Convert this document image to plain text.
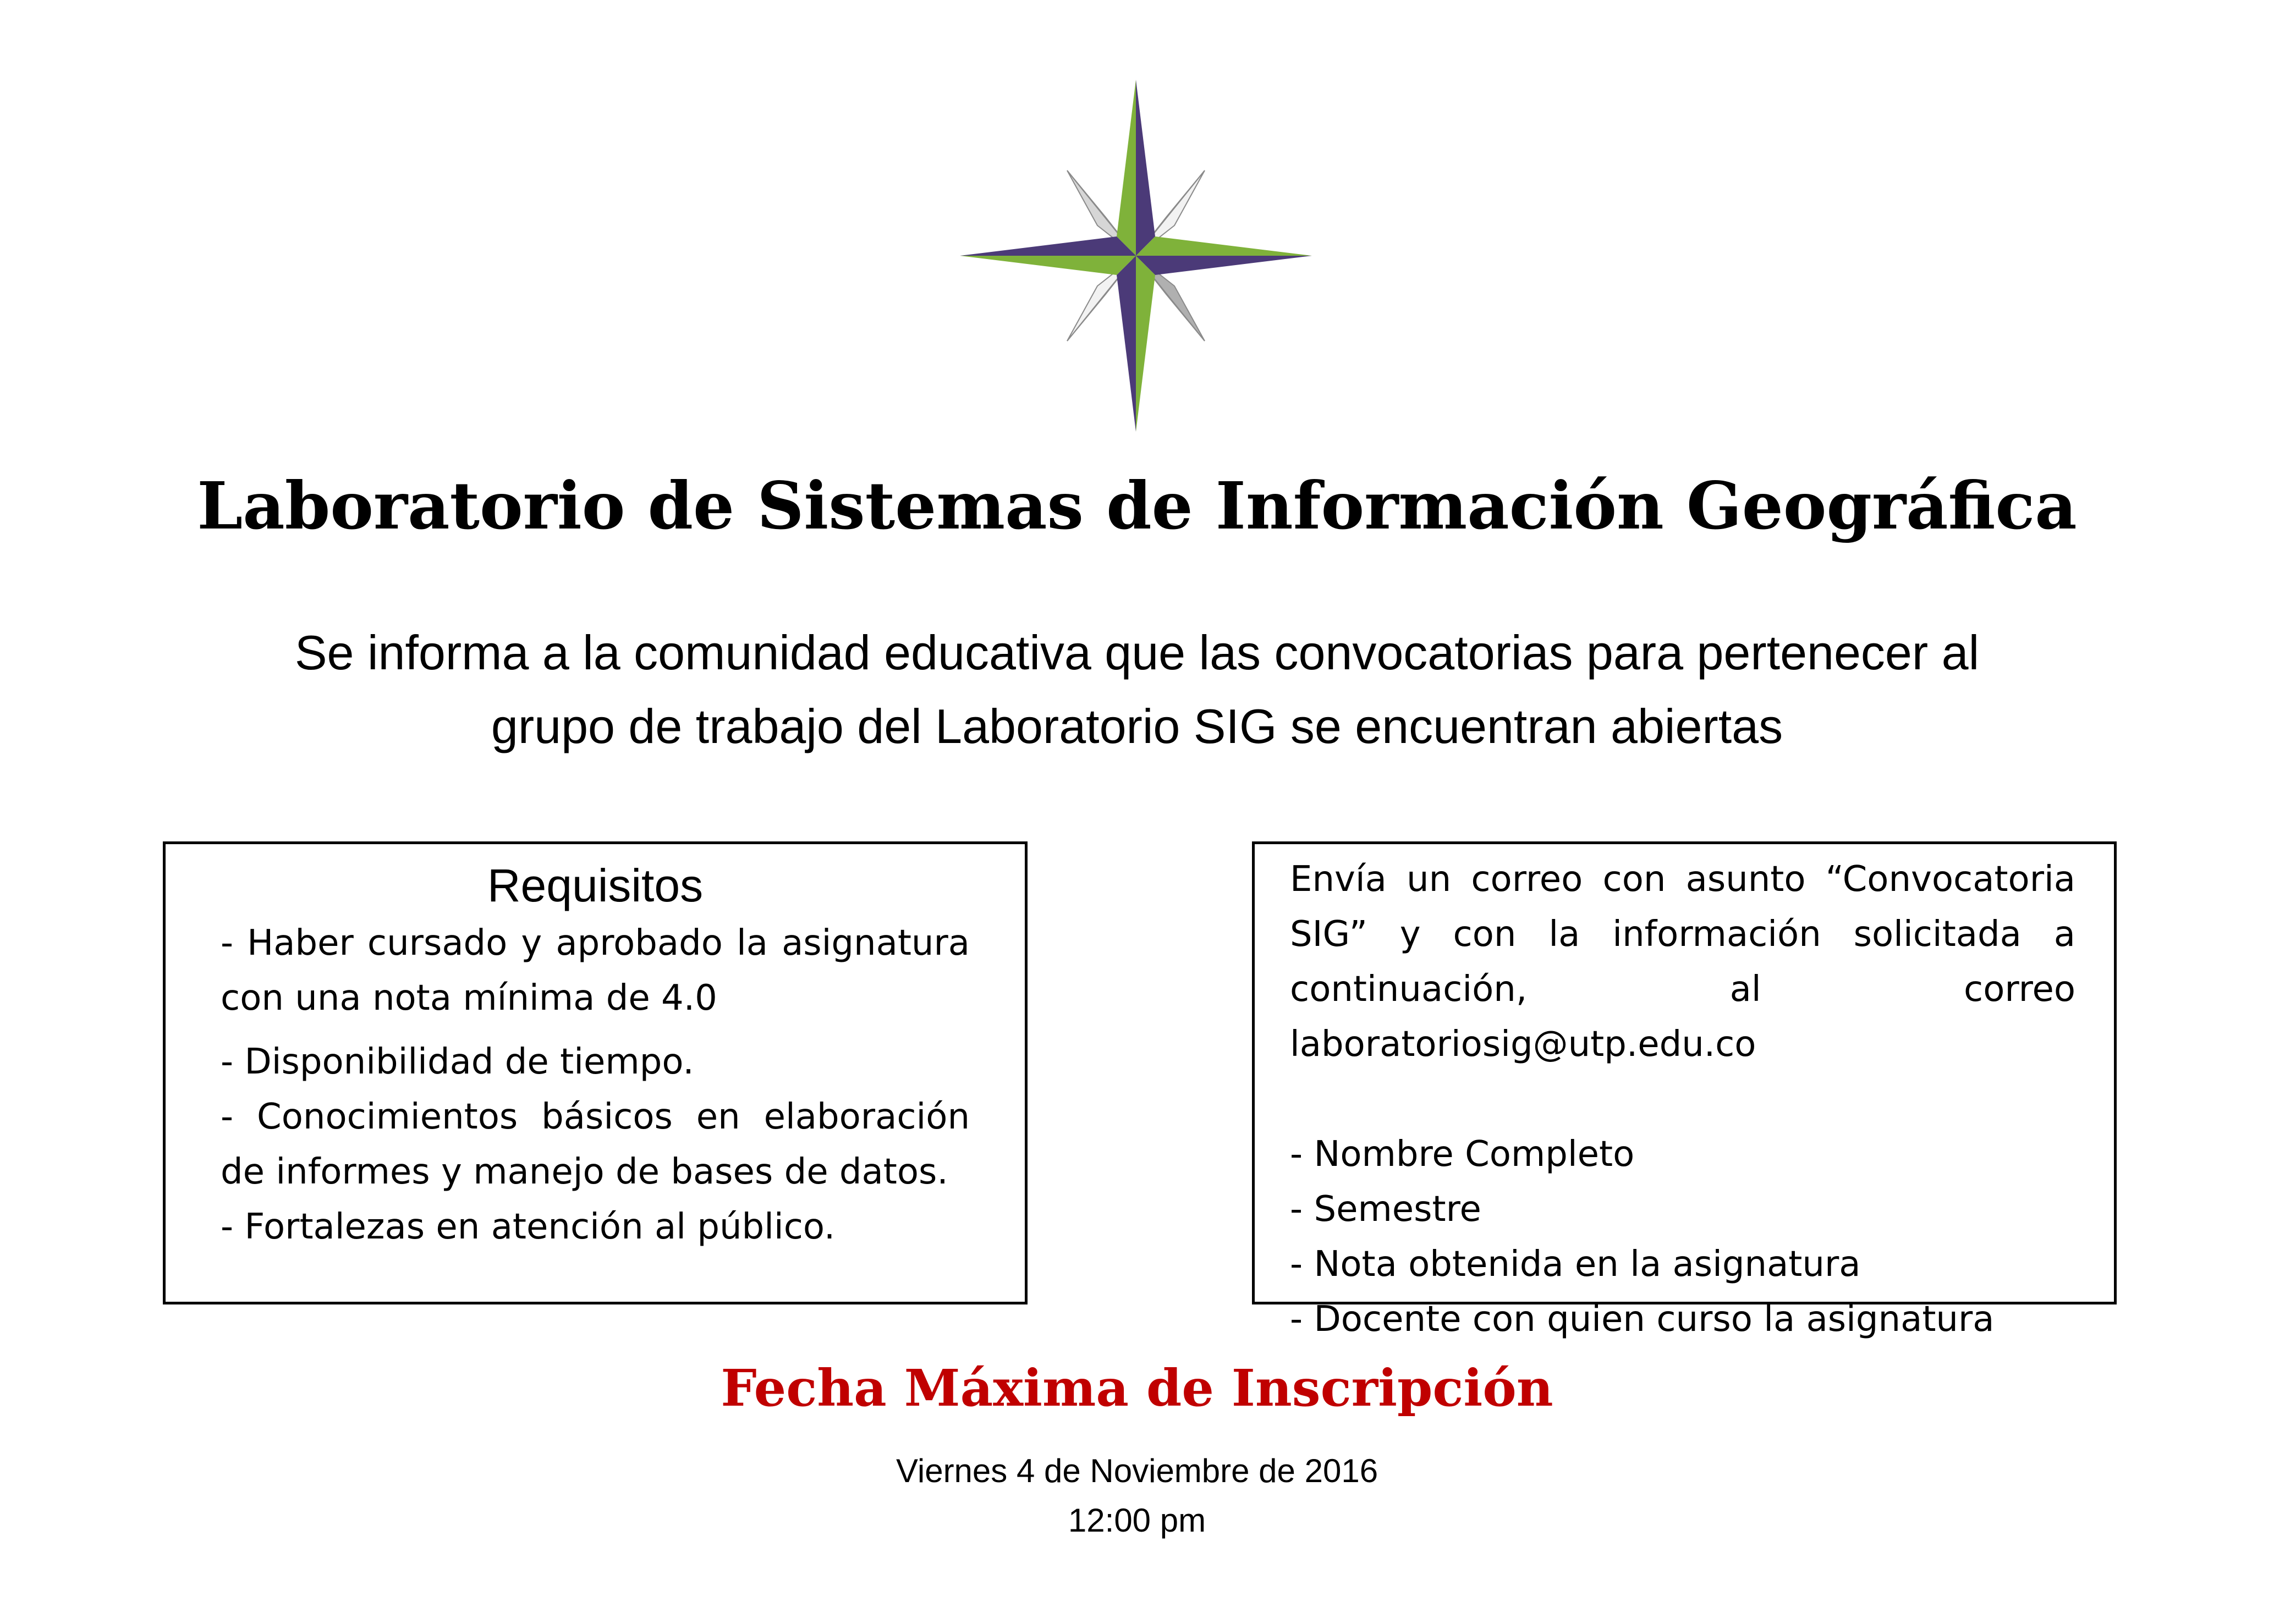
Laboratorio de Sistemas de Información Geográfica
Se informa a la comunidad educativa que las convocatorias para pertenecer al
grupo de trabajo del Laboratorio SIG se encuentran abiertas
Requisitos

- Haber cursado y aprobado la asignatura con una nota mínima de 4.0

- Disponibilidad de tiempo.

- Conocimientos básicos en elaboración de informes y manejo de bases de datos.

- Fortalezas en atención al público.

Envía un correo con asunto “Convocatoria SIG” y con la información solicitada a continuación, al correo laboratoriosig@utp.edu.co
- Nombre Completo
- Semestre
- Nota obtenida en la asignatura
- Docente con quien curso la asignatura
Fecha Máxima de Inscripción
Viernes 4 de Noviembre de 2016
12:00 pm
